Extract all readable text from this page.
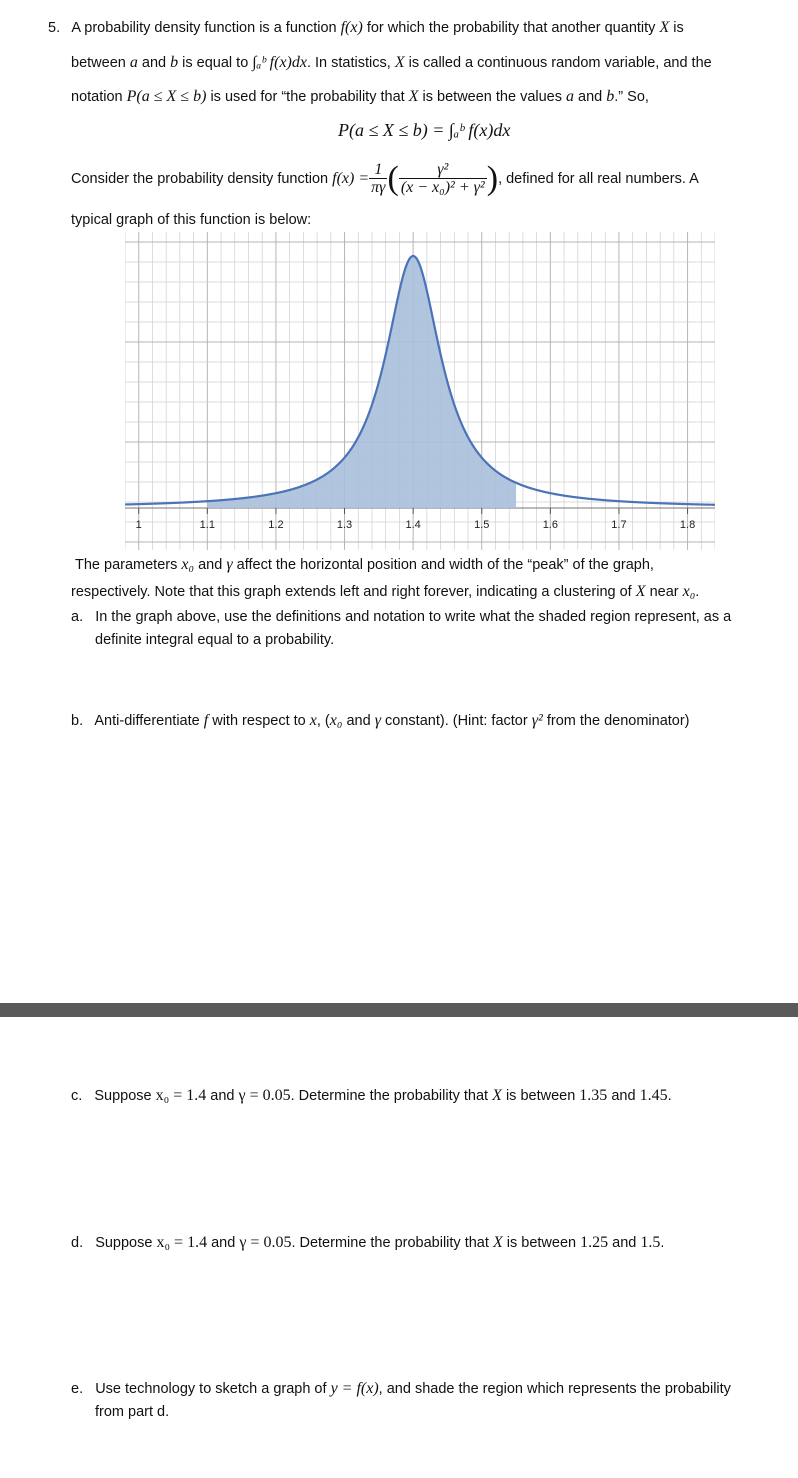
5. A probability density function is a function f(x) for which the probability that another quantity X is
between a and b is equal to ∫ₐᵇ f(x)dx. In statistics, X is called a continuous random variable, and the
notation P(a ≤ X ≤ b) is used for “the probability that X is between the values a and b.” So,
P(a ≤ X ≤ b) = ∫ₐᵇ f(x)dx
Consider the probability density function
$f(x) = \frac{1}{\pi\gamma}$ ( $\frac{\text{γ²}}{\text{(x − x₀)² + γ²}}$ ) , defined for all real numbers. A
typical graph of this function is below:
1	1.1	1.2	1.3	1.4	1.5	1.6	1.7	1.8
The parameters x₀ and γ affect the horizontal position and width of the “peak” of the graph,
respectively. Note that this graph extends left and right forever, indicating a clustering of X near x₀.
a. In the graph above, use the definitions and notation to write what the shaded region represent, as a
definite integral equal to a probability.
b. Anti-differentiate f with respect to x, (x₀ and γ constant). (Hint: factor γ² from the denominator)
c. Suppose x₀ = 1.4 and γ = 0.05. Determine the probability that X is between 1.35 and 1.45.
d. Suppose x₀ = 1.4 and γ = 0.05. Determine the probability that X is between 1.25 and 1.5.
e. Use technology to sketch a graph of y = f(x), and shade the region which represents the probability
from part d.
